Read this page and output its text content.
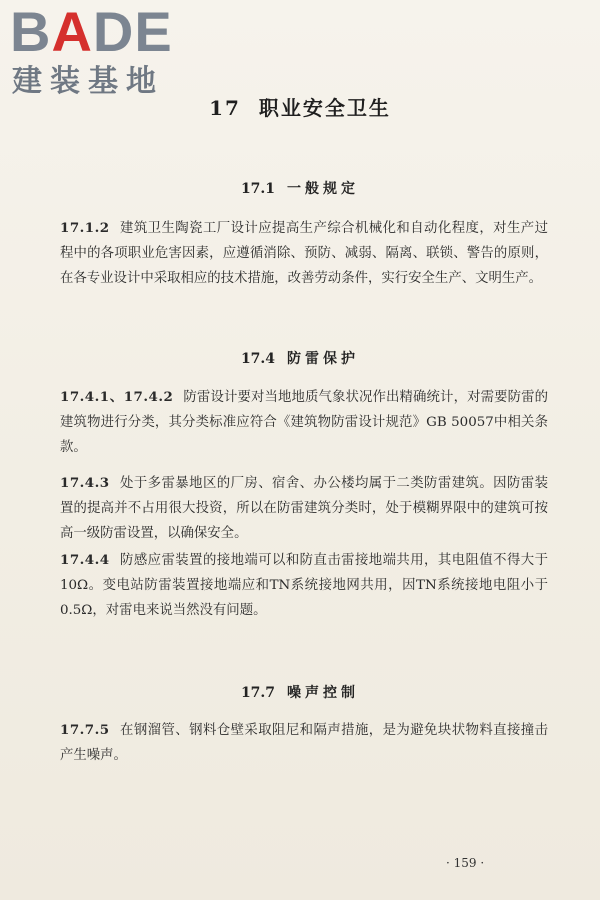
BADE
建装基地
17 职业安全卫生
17.1 一般规定
17.1.2 建筑卫生陶瓷工厂设计应提高生产综合机械化和自动化程度，对生产过程中的各项职业危害因素，应遵循消除、预防、减弱、隔离、联锁、警告的原则，在各专业设计中采取相应的技术措施，改善劳动条件，实行安全生产、文明生产。
17.4 防雷保护
17.4.1、17.4.2 防雷设计要对当地地质气象状况作出精确统计，对需要防雷的建筑物进行分类，其分类标准应符合《建筑物防雷设计规范》GB 50057中相关条款。
17.4.3 处于多雷暴地区的厂房、宿舍、办公楼均属于二类防雷建筑。因防雷装置的提高并不占用很大投资，所以在防雷建筑分类时，处于模糊界限中的建筑可按高一级防雷设置，以确保安全。
17.4.4 防感应雷装置的接地端可以和防直击雷接地端共用，其电阻值不得大于10Ω。变电站防雷装置接地端应和TN系统接地网共用，因TN系统接地电阻小于0.5Ω，对雷电来说当然没有问题。
17.7 噪声控制
17.7.5 在钢溜管、钢料仓壁采取阻尼和隔声措施，是为避免块状物料直接撞击产生噪声。
· 159 ·
